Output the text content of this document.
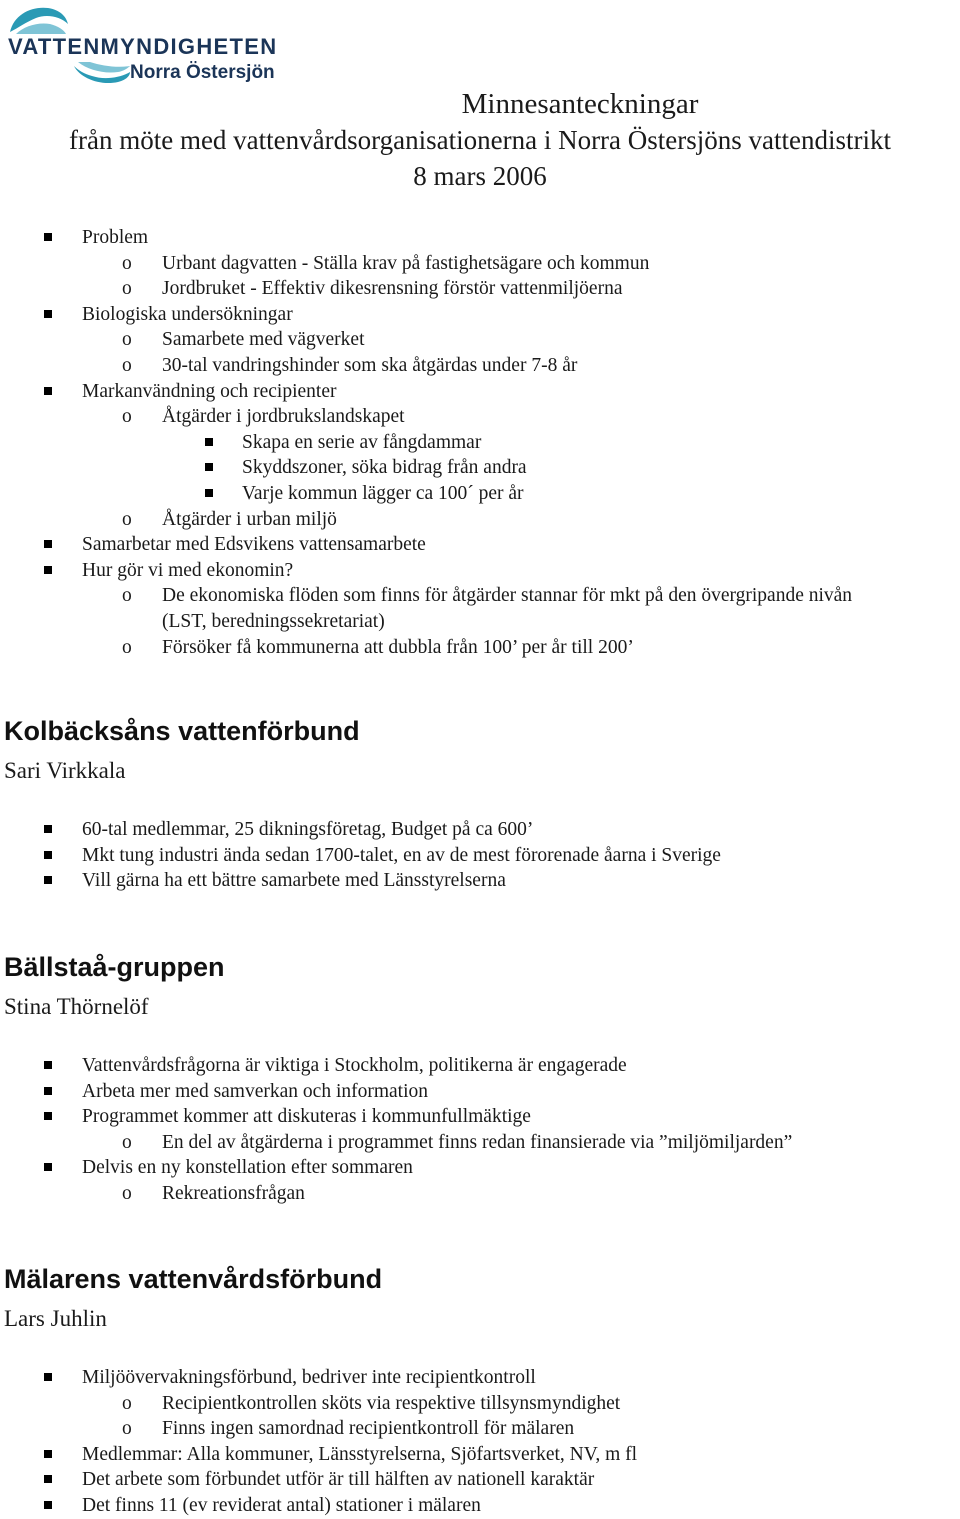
VATTENMYNDIGHETEN
Norra Östersjön
Minnesanteckningar
från möte med vattenvårdsorganisationerna i Norra Östersjöns vattendistrikt
8 mars 2006
Problem
o Urbant dagvatten - Ställa krav på fastighetsägare och kommun
o Jordbruket - Effektiv dikesrensning förstör vattenmiljöerna
Biologiska undersökningar
o Samarbete med vägverket
o 30-tal vandringshinder som ska åtgärdas under 7-8 år
Markanvändning och recipienter
o Åtgärder i jordbrukslandskapet
Skapa en serie av fångdammar
Skyddszoner, söka bidrag från andra
Varje kommun lägger ca 100´ per år
o Åtgärder i urban miljö
Samarbetar med Edsvikens vattensamarbete
Hur gör vi med ekonomin?
o De ekonomiska flöden som finns för åtgärder stannar för mkt på den övergripande nivån
(LST, beredningssekretariat)
o Försöker få kommunerna att dubbla från 100’ per år till 200’
Kolbäcksåns vattenförbund
Sari Virkkala
60-tal medlemmar, 25 dikningsföretag, Budget på ca 600’
Mkt tung industri ända sedan 1700-talet, en av de mest förorenade åarna i Sverige
Vill gärna ha ett bättre samarbete med Länsstyrelserna
Bällstaå-gruppen
Stina Thörnelöf
Vattenvårdsfrågorna är viktiga i Stockholm, politikerna är engagerade
Arbeta mer med samverkan och information
Programmet kommer att diskuteras i kommunfullmäktige
o En del av åtgärderna i programmet finns redan finansierade via ”miljömiljarden”
Delvis en ny konstellation efter sommaren
o Rekreationsfrågan
Mälarens vattenvårdsförbund
Lars Juhlin
Miljöövervakningsförbund, bedriver inte recipientkontroll
o Recipientkontrollen sköts via respektive tillsynsmyndighet
o Finns ingen samordnad recipientkontroll för mälaren
Medlemmar: Alla kommuner, Länsstyrelserna, Sjöfartsverket, NV, m fl
Det arbete som förbundet utför är till hälften av nationell karaktär
Det finns 11 (ev reviderat antal) stationer i mälaren
